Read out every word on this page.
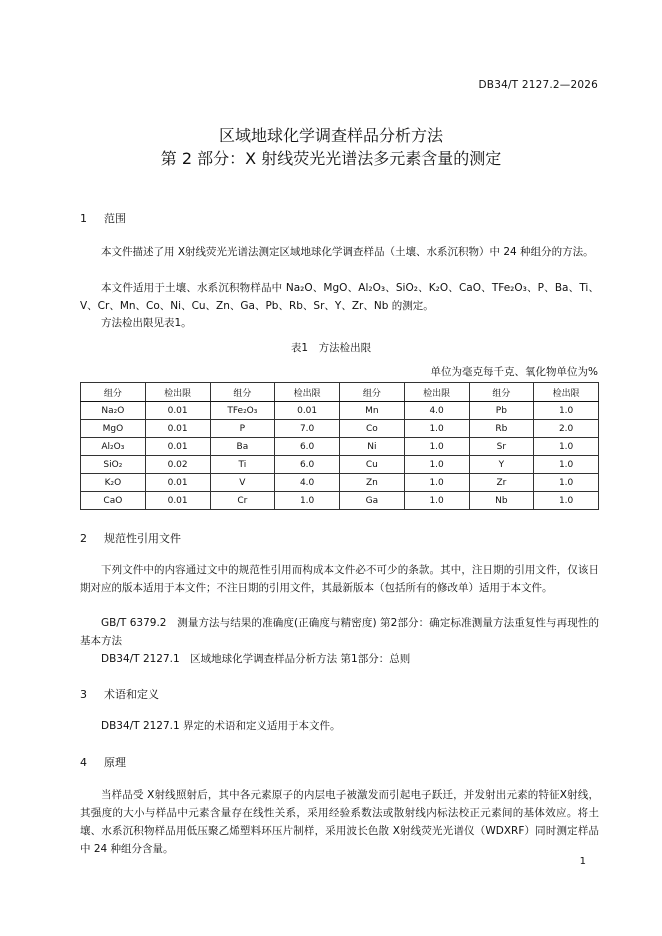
DB34/T 2127.2—2026
区域地球化学调查样品分析方法
第 2 部分：X 射线荧光光谱法多元素含量的测定
1 范围

本文件描述了用 X射线荧光光谱法测定区域地球化学调查样品（土壤、水系沉积物）中 24 种组分的方法。

本文件适用于土壤、水系沉积物样品中 Na₂O、MgO、Al₂O₃、SiO₂、K₂O、CaO、TFe₂O₃、P、Ba、Ti、V、Cr、Mn、Co、Ni、Cu、Zn、Ga、Pb、Rb、Sr、Y、Zr、Nb 的测定。

方法检出限见表1。

表1　方法检出限
单位为毫克每千克、氧化物单位为%
组分	检出限	组分	检出限	组分	检出限	组分	检出限
Na₂O	0.01	TFe₂O₃	0.01	Mn	4.0	Pb	1.0
MgO	0.01	P	7.0	Co	1.0	Rb	2.0
Al₂O₃	0.01	Ba	6.0	Ni	1.0	Sr	1.0
SiO₂	0.02	Ti	6.0	Cu	1.0	Y	1.0
K₂O	0.01	V	4.0	Zn	1.0	Zr	1.0
CaO	0.01	Cr	1.0	Ga	1.0	Nb	1.0
2 规范性引用文件

下列文件中的内容通过文中的规范性引用而构成本文件必不可少的条款。其中，注日期的引用文件，仅该日期对应的版本适用于本文件；不注日期的引用文件，其最新版本（包括所有的修改单）适用于本文件。

GB/T 6379.2　测量方法与结果的准确度(正确度与精密度) 第2部分：确定标准测量方法重复性与再现性的基本方法

DB34/T 2127.1　区域地球化学调查样品分析方法 第1部分：总则
3 术语和定义
DB34/T 2127.1 界定的术语和定义适用于本文件。
4 原理

当样品受 X射线照射后，其中各元素原子的内层电子被激发而引起电子跃迁，并发射出元素的特征X射线，其强度的大小与样品中元素含量存在线性关系，采用经验系数法或散射线内标法校正元素间的基体效应。将土壤、水系沉积物样品用低压聚乙烯塑料环压片制样，采用波长色散 X射线荧光光谱仪（WDXRF）同时测定样品中 24 种组分含量。

1
